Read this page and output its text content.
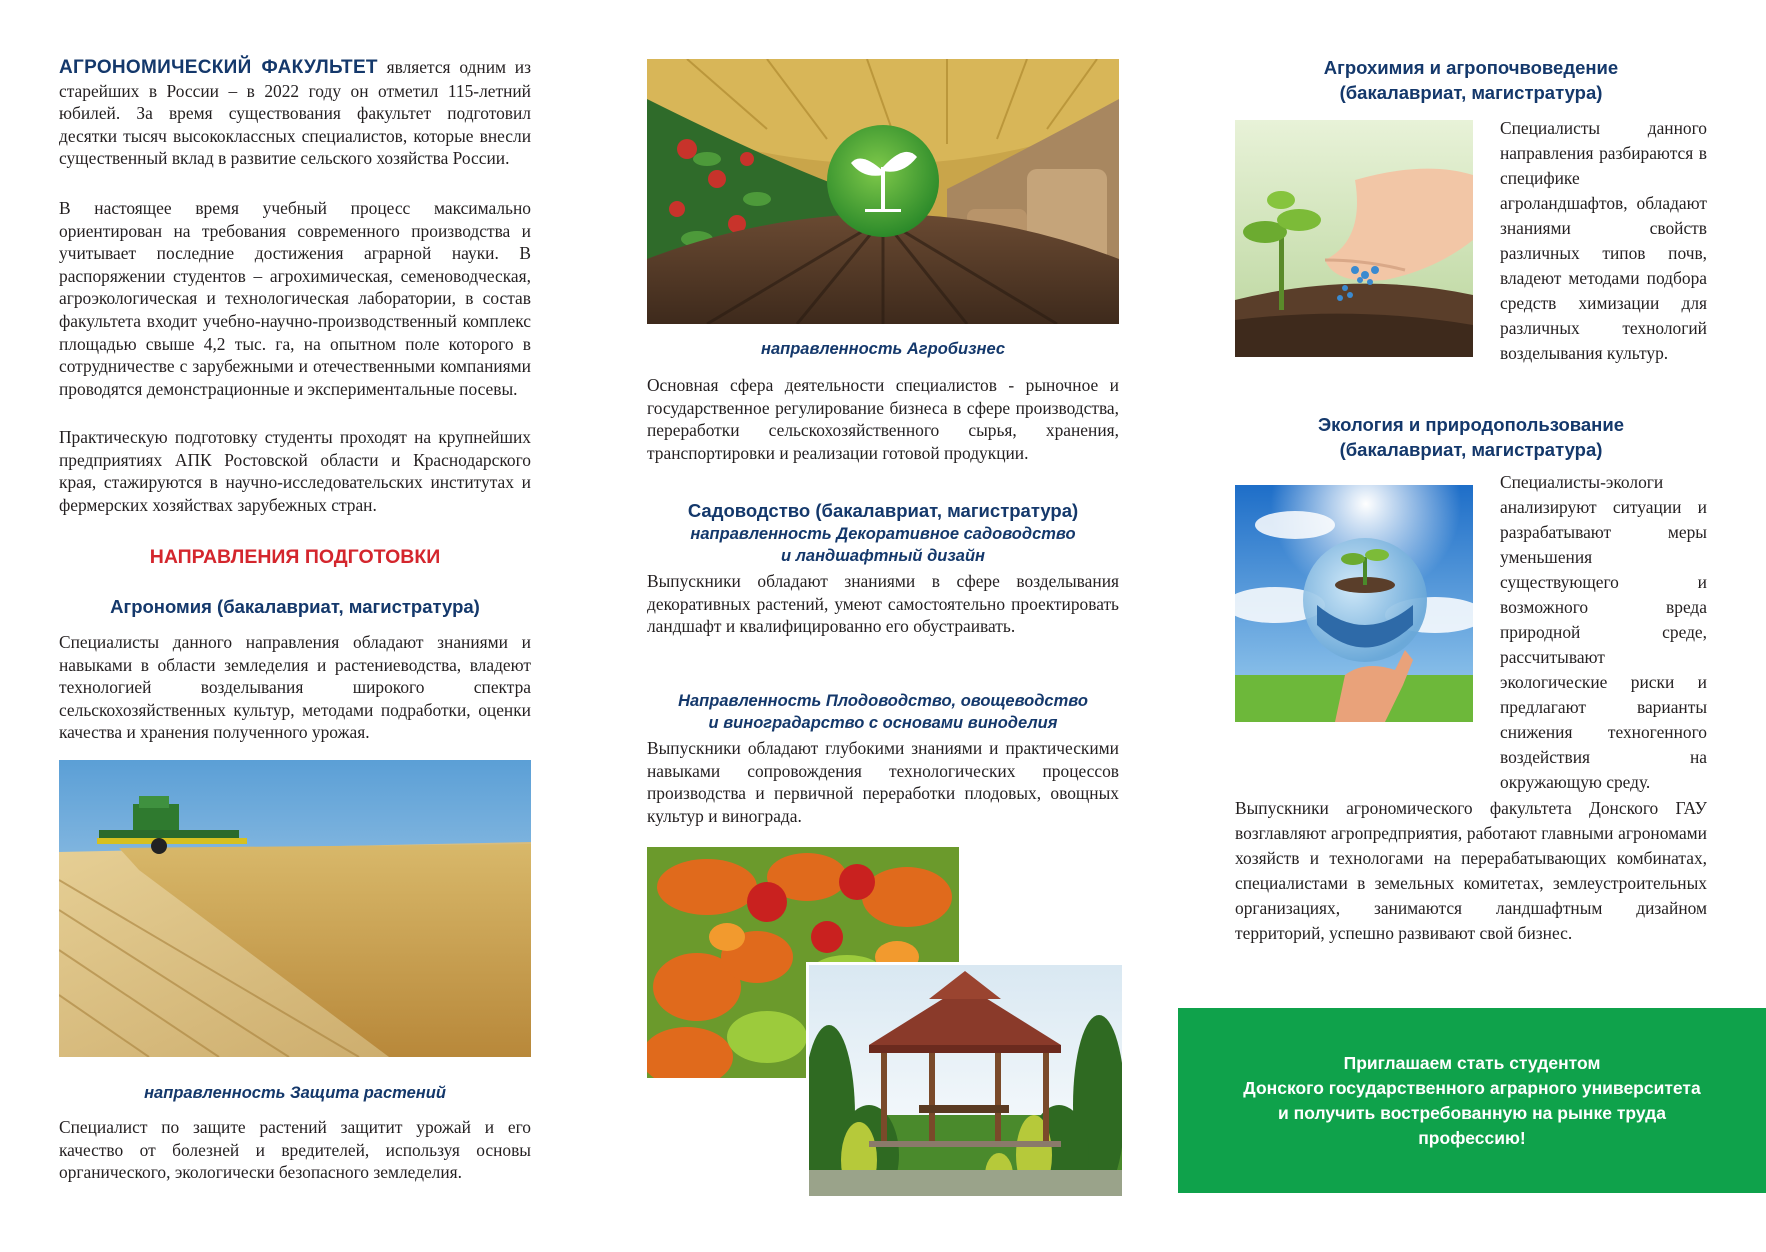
АГРОНОМИЧЕСКИЙ ФАКУЛЬТЕТ является одним из старейших в России – в 2022 году он отметил 115-летний юбилей. За время существования факультет подготовил десятки тысяч высококлассных специалистов, которые внесли существенный вклад в развитие сельского хозяйства России.

В настоящее время учебный процесс максимально ориентирован на требования современного производства и учитывает последние достижения аграрной науки. В распоряжении студентов – агрохимическая, семеноводческая, агроэкологическая и технологическая лаборатории, в состав факультета входит учебно-научно-производственный комплекс площадью свыше 4,2 тыс. га, на опытном поле которого в сотрудничестве с зарубежными и отечественными компаниями проводятся демонстрационные и экспериментальные посевы.

Практическую подготовку студенты проходят на крупнейших предприятиях АПК Ростовской области и Краснодарского края, стажируются в научно-исследовательских институтах и фермерских хозяйствах зарубежных стран.

НАПРАВЛЕНИЯ ПОДГОТОВКИ
Агрономия (бакалавриат, магистратура)

Специалисты данного направления обладают знаниями и навыками в области земледелия и растениеводства, владеют технологией возделывания широкого спектра сельскохозяйственных культур, методами подработки, оценки качества и хранения полученного урожая.

направленность Защита растений

Специалист по защите растений защитит урожай и его качество от болезней и вредителей, используя основы органического, экологически безопасного земледелия.

направленность Агробизнес

Основная сфера деятельности специалистов - рыночное и государственное регулирование бизнеса в сфере производства, переработки сельскохозяйственного сырья, хранения, транспортировки и реализации готовой продукции.

Садоводство (бакалавриат, магистратура)
направленность Декоративное садоводство
и ландшафтный дизайн

Выпускники обладают знаниями в сфере возделывания декоративных растений, умеют самостоятельно проектировать ландшафт и квалифицированно его обустраивать.

Направленность Плодоводство, овощеводство
и виноградарство с основами виноделия

Выпускники обладают глубокими знаниями и практическими навыками сопровождения технологических процессов производства и первичной переработки плодовых, овощных культур и винограда.

Агрохимия и агропочвоведение
(бакалавриат, магистратура)

Специалисты данного направления разбираются в специфике агроландшафтов, обладают знаниями свойств различных типов почв, владеют методами подбора средств химизации для различных технологий возделывания культур.

Экология и природопользование
(бакалавриат, магистратура)

Специалисты-экологи анализируют ситуации и разрабатывают меры уменьшения существующего и возможного вреда природной среде, рассчитывают экологические риски и предлагают варианты снижения техногенного воздействия на окружающую среду.

Выпускники агрономического факультета Донского ГАУ возглавляют агропредприятия, работают главными агрономами хозяйств и технологами на перерабатывающих комбинатах, специалистами в земельных комитетах, землеустроительных организациях, занимаются ландшафтным дизайном территорий, успешно развивают свой бизнес.

Приглашаем стать студентом
Донского государственного аграрного университета
и получить востребованную на рынке труда
профессию!
